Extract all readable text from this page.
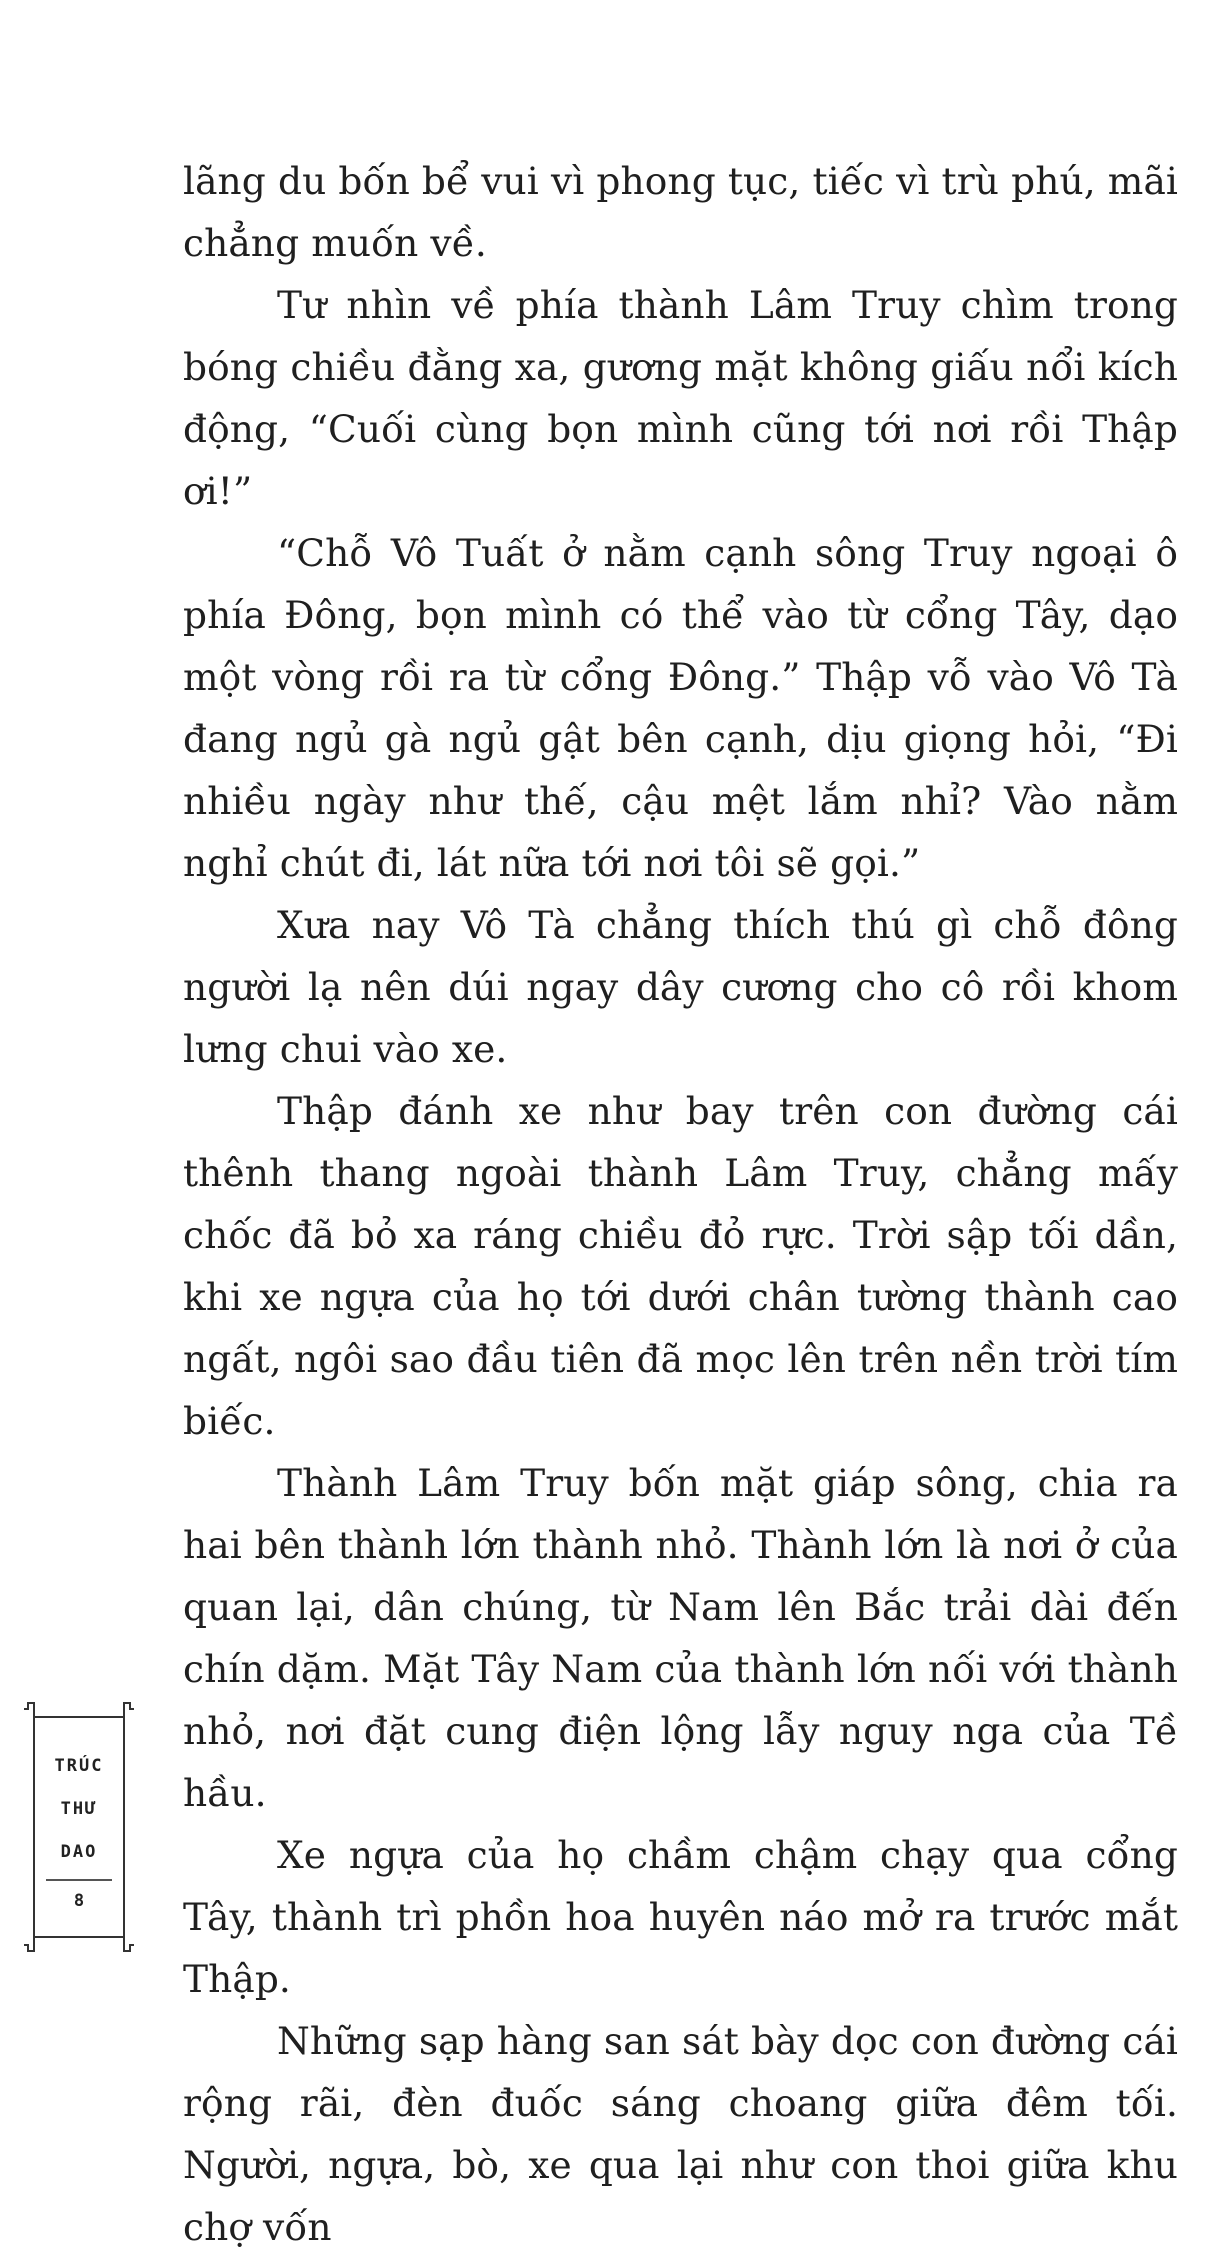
lãng du bốn bể vui vì phong tục, tiếc vì trù phú, mãi chẳng muốn về.

Tư nhìn về phía thành Lâm Truy chìm trong bóng chiều đằng xa, gương mặt không giấu nổi kích động, “Cuối cùng bọn mình cũng tới nơi rồi Thập ơi!”

“Chỗ Vô Tuất ở nằm cạnh sông Truy ngoại ô phía Đông, bọn mình có thể vào từ cổng Tây, dạo một vòng rồi ra từ cổng Đông.” Thập vỗ vào Vô Tà đang ngủ gà ngủ gật bên cạnh, dịu giọng hỏi, “Đi nhiều ngày như thế, cậu mệt lắm nhỉ? Vào nằm nghỉ chút đi, lát nữa tới nơi tôi sẽ gọi.”

Xưa nay Vô Tà chẳng thích thú gì chỗ đông người lạ nên dúi ngay dây cương cho cô rồi khom lưng chui vào xe.

Thập đánh xe như bay trên con đường cái thênh thang ngoài thành Lâm Truy, chẳng mấy chốc đã bỏ xa ráng chiều đỏ rực. Trời sập tối dần, khi xe ngựa của họ tới dưới chân tường thành cao ngất, ngôi sao đầu tiên đã mọc lên trên nền trời tím biếc.

Thành Lâm Truy bốn mặt giáp sông, chia ra hai bên thành lớn thành nhỏ. Thành lớn là nơi ở của quan lại, dân chúng, từ Nam lên Bắc trải dài đến chín dặm. Mặt Tây Nam của thành lớn nối với thành nhỏ, nơi đặt cung điện lộng lẫy nguy nga của Tề hầu.

Xe ngựa của họ chầm chậm chạy qua cổng Tây, thành trì phồn hoa huyên náo mở ra trước mắt Thập.

Những sạp hàng san sát bày dọc con đường cái rộng rãi, đèn đuốc sáng choang giữa đêm tối. Người, ngựa, bò, xe qua lại như con thoi giữa khu chợ vốn

TRÚC
THƯ
DAO
8
